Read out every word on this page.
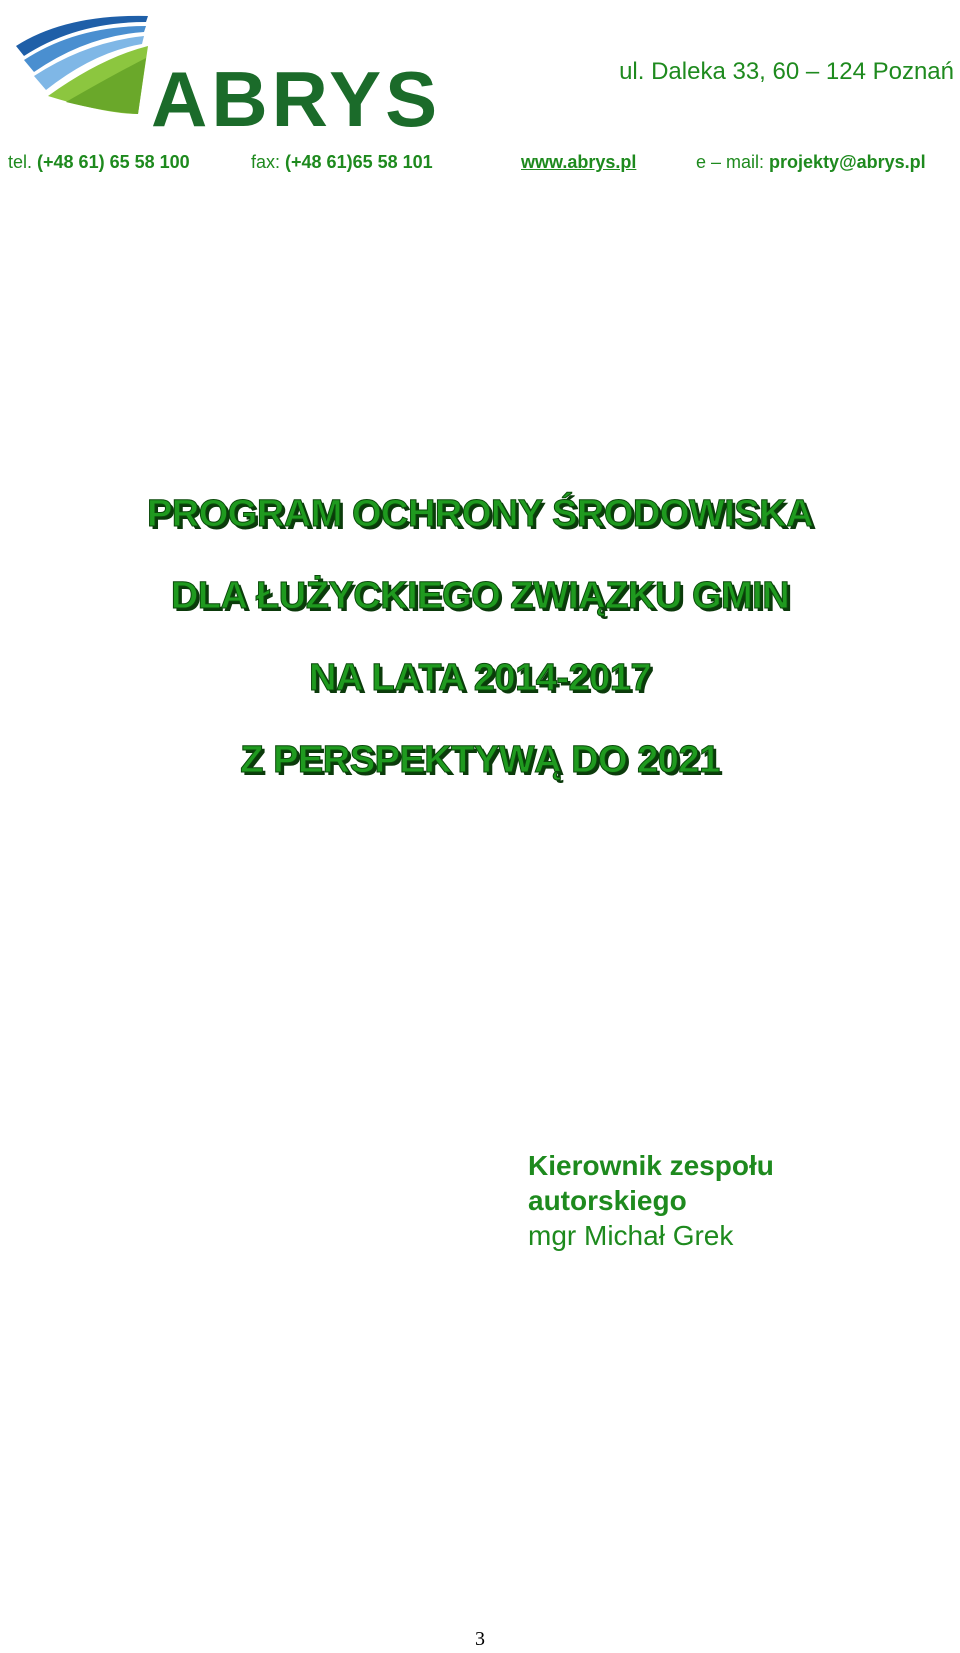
ABRYS	ul. Daleka 33, 60 – 124 Poznań
tel. (+48 61) 65 58 100	fax: (+48 61)65 58 101	www.abrys.pl	e – mail: projekty@abrys.pl
PROGRAM OCHRONY ŚRODOWISKA
DLA ŁUŻYCKIEGO ZWIĄZKU GMIN
NA LATA 2014-2017
Z PERSPEKTYWĄ DO 2021
Kierownik zespołu
autorskiego
mgr Michał Grek
3
